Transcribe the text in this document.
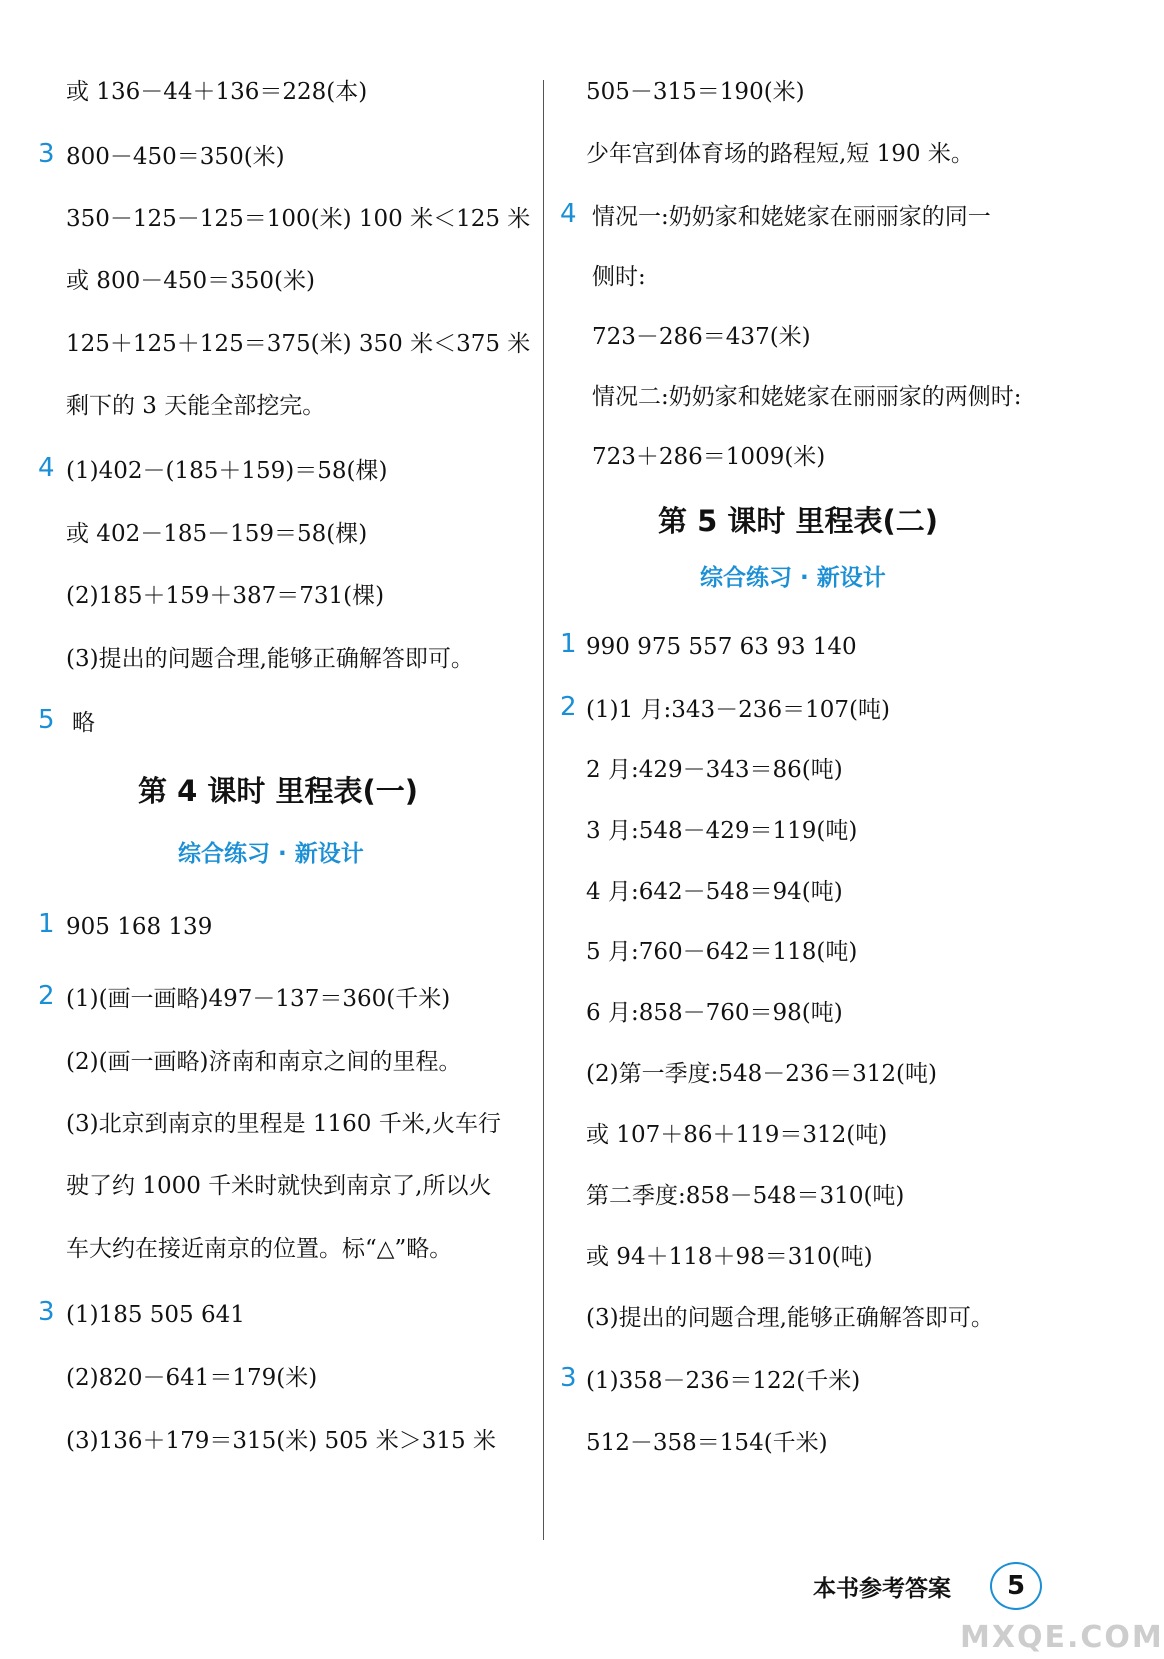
或 136－44＋136＝228(本)
3 800－450＝350(米)
350－125－125＝100(米) 100 米＜125 米
或 800－450＝350(米)
125＋125＋125＝375(米) 350 米＜375 米
剩下的 3 天能全部挖完。
4 (1)402－(185＋159)＝58(棵)
或 402－185－159＝58(棵)
(2)185＋159＋387＝731(棵)
(3)提出的问题合理,能够正确解答即可。
5 略
第 4 课时 里程表(一)
综合练习 · 新设计
1 905 168 139
2 (1)(画一画略)497－137＝360(千米)
(2)(画一画略)济南和南京之间的里程。
(3)北京到南京的里程是 1160 千米,火车行
驶了约 1000 千米时就快到南京了,所以火
车大约在接近南京的位置。标“△”略。
3 (1)185 505 641
(2)820－641＝179(米)
(3)136＋179＝315(米) 505 米＞315 米
505－315＝190(米)
少年宫到体育场的路程短,短 190 米。
4 情况一:奶奶家和姥姥家在丽丽家的同一
侧时:
723－286＝437(米)
情况二:奶奶家和姥姥家在丽丽家的两侧时:
723＋286＝1009(米)
第 5 课时 里程表(二)
综合练习 · 新设计
1 990 975 557 63 93 140
2 (1)1 月:343－236＝107(吨)
2 月:429－343＝86(吨)
3 月:548－429＝119(吨)
4 月:642－548＝94(吨)
5 月:760－642＝118(吨)
6 月:858－760＝98(吨)
(2)第一季度:548－236＝312(吨)
或 107＋86＋119＝312(吨)
第二季度:858－548＝310(吨)
或 94＋118＋98＝310(吨)
(3)提出的问题合理,能够正确解答即可。
3 (1)358－236＝122(千米)
512－358＝154(千米)
本书参考答案	5
MXQE.COM
